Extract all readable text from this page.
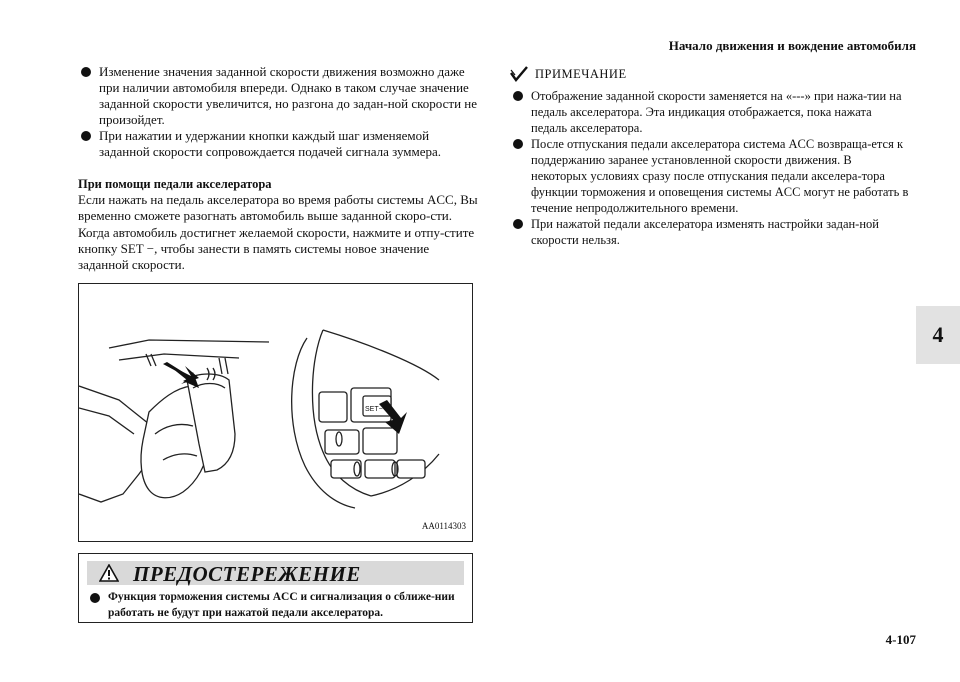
Начало движения и вождение автомобиля
4
Изменение значения заданной скорости движения возможно даже при наличии автомобиля впереди. Однако в таком случае значение заданной скорости увеличится, но разгона до задан-ной скорости не произойдет.
При нажатии и удержании кнопки каждый шаг изменяемой заданной скорости сопровождается подачей сигнала зуммера.
При помощи педали акселератора

Если нажать на педаль акселератора во время работы системы ACC, Вы временно сможете разогнать автомобиль выше заданной скоро-сти.

Когда автомобиль достигнет желаемой скорости, нажмите и отпу-стите кнопку SET −, чтобы занести в память системы новое значение заданной скорости.

SET−
AA0114303
ПРЕДОСТЕРЕЖЕНИЕ
Функция торможения системы ACC и сигнализация о сближе-нии работать не будут при нажатой педали акселератора.
ПРИМЕЧАНИЕ
Отображение заданной скорости заменяется на «---» при нажа-тии на педаль акселератора. Эта индикация отображается, пока нажата педаль акселератора.
После отпускания педали акселератора система ACC возвраща-ется к поддержанию заранее установленной скорости движения. В некоторых условиях сразу после отпускания педали акселера-тора функции торможения и оповещения системы ACC могут не работать в течение непродолжительного времени.
При нажатой педали акселератора изменять настройки задан-ной скорости нельзя.
4-107
